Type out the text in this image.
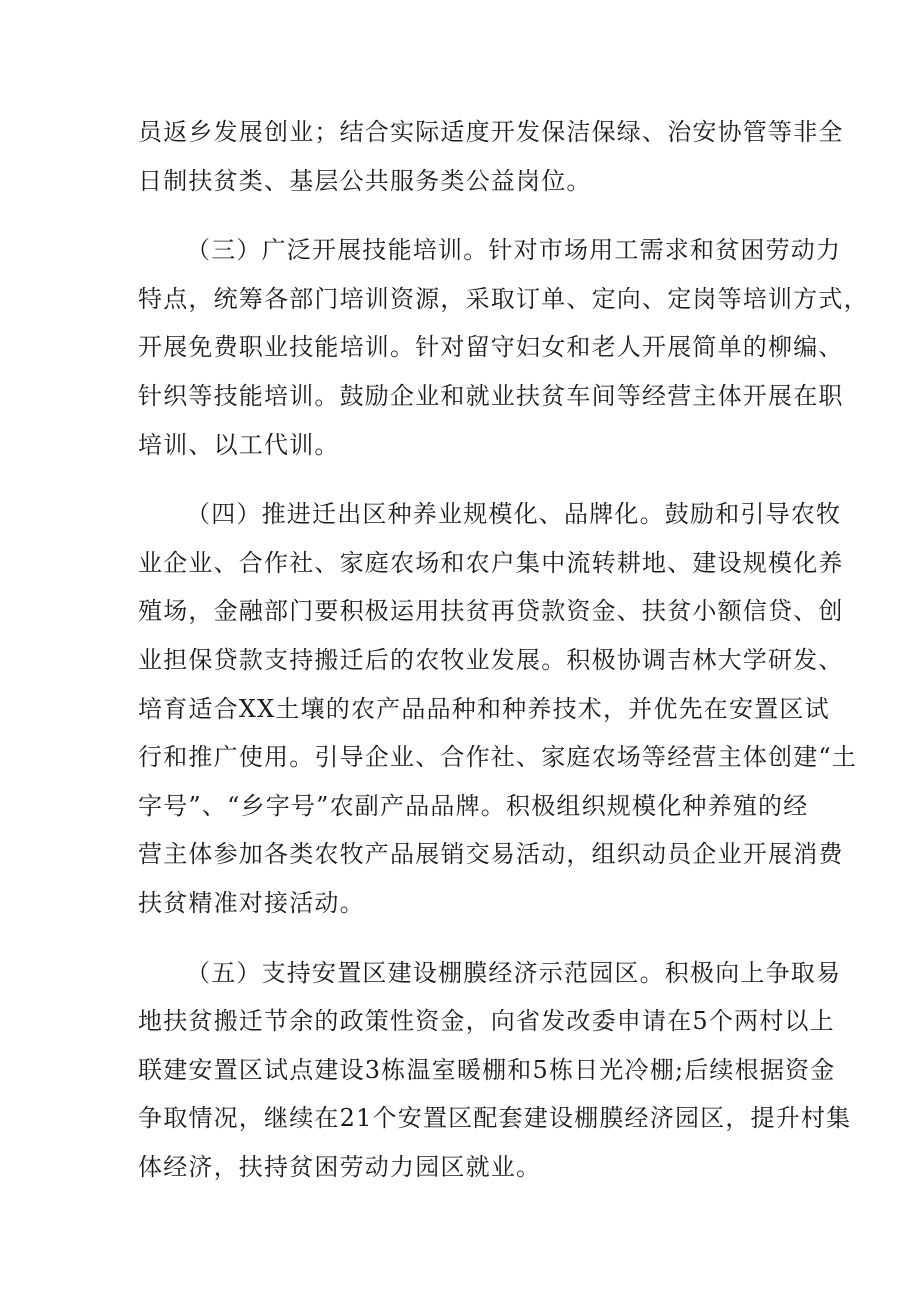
员返乡发展创业；结合实际适度开发保洁保绿、治安协管等非全
日制扶贫类、基层公共服务类公益岗位。
（三）广泛开展技能培训。针对市场用工需求和贫困劳动力
特点，统筹各部门培训资源，采取订单、定向、定岗等培训方式，
开展免费职业技能培训。针对留守妇女和老人开展简单的柳编、
针织等技能培训。鼓励企业和就业扶贫车间等经营主体开展在职
培训、以工代训。
（四）推进迁出区种养业规模化、品牌化。鼓励和引导农牧
业企业、合作社、家庭农场和农户集中流转耕地、建设规模化养
殖场，金融部门要积极运用扶贫再贷款资金、扶贫小额信贷、创
业担保贷款支持搬迁后的农牧业发展。积极协调吉林大学研发、
培育适合XX土壤的农产品品种和种养技术，并优先在安置区试
行和推广使用。引导企业、合作社、家庭农场等经营主体创建“土
字号”、“乡字号”农副产品品牌。积极组织规模化种养殖的经
营主体参加各类农牧产品展销交易活动，组织动员企业开展消费
扶贫精准对接活动。
（五）支持安置区建设棚膜经济示范园区。积极向上争取易
地扶贫搬迁节余的政策性资金，向省发改委申请在5个两村以上
联建安置区试点建设3栋温室暖棚和5栋日光冷棚;后续根据资金
争取情况，继续在21个安置区配套建设棚膜经济园区，提升村集
体经济，扶持贫困劳动力园区就业。
